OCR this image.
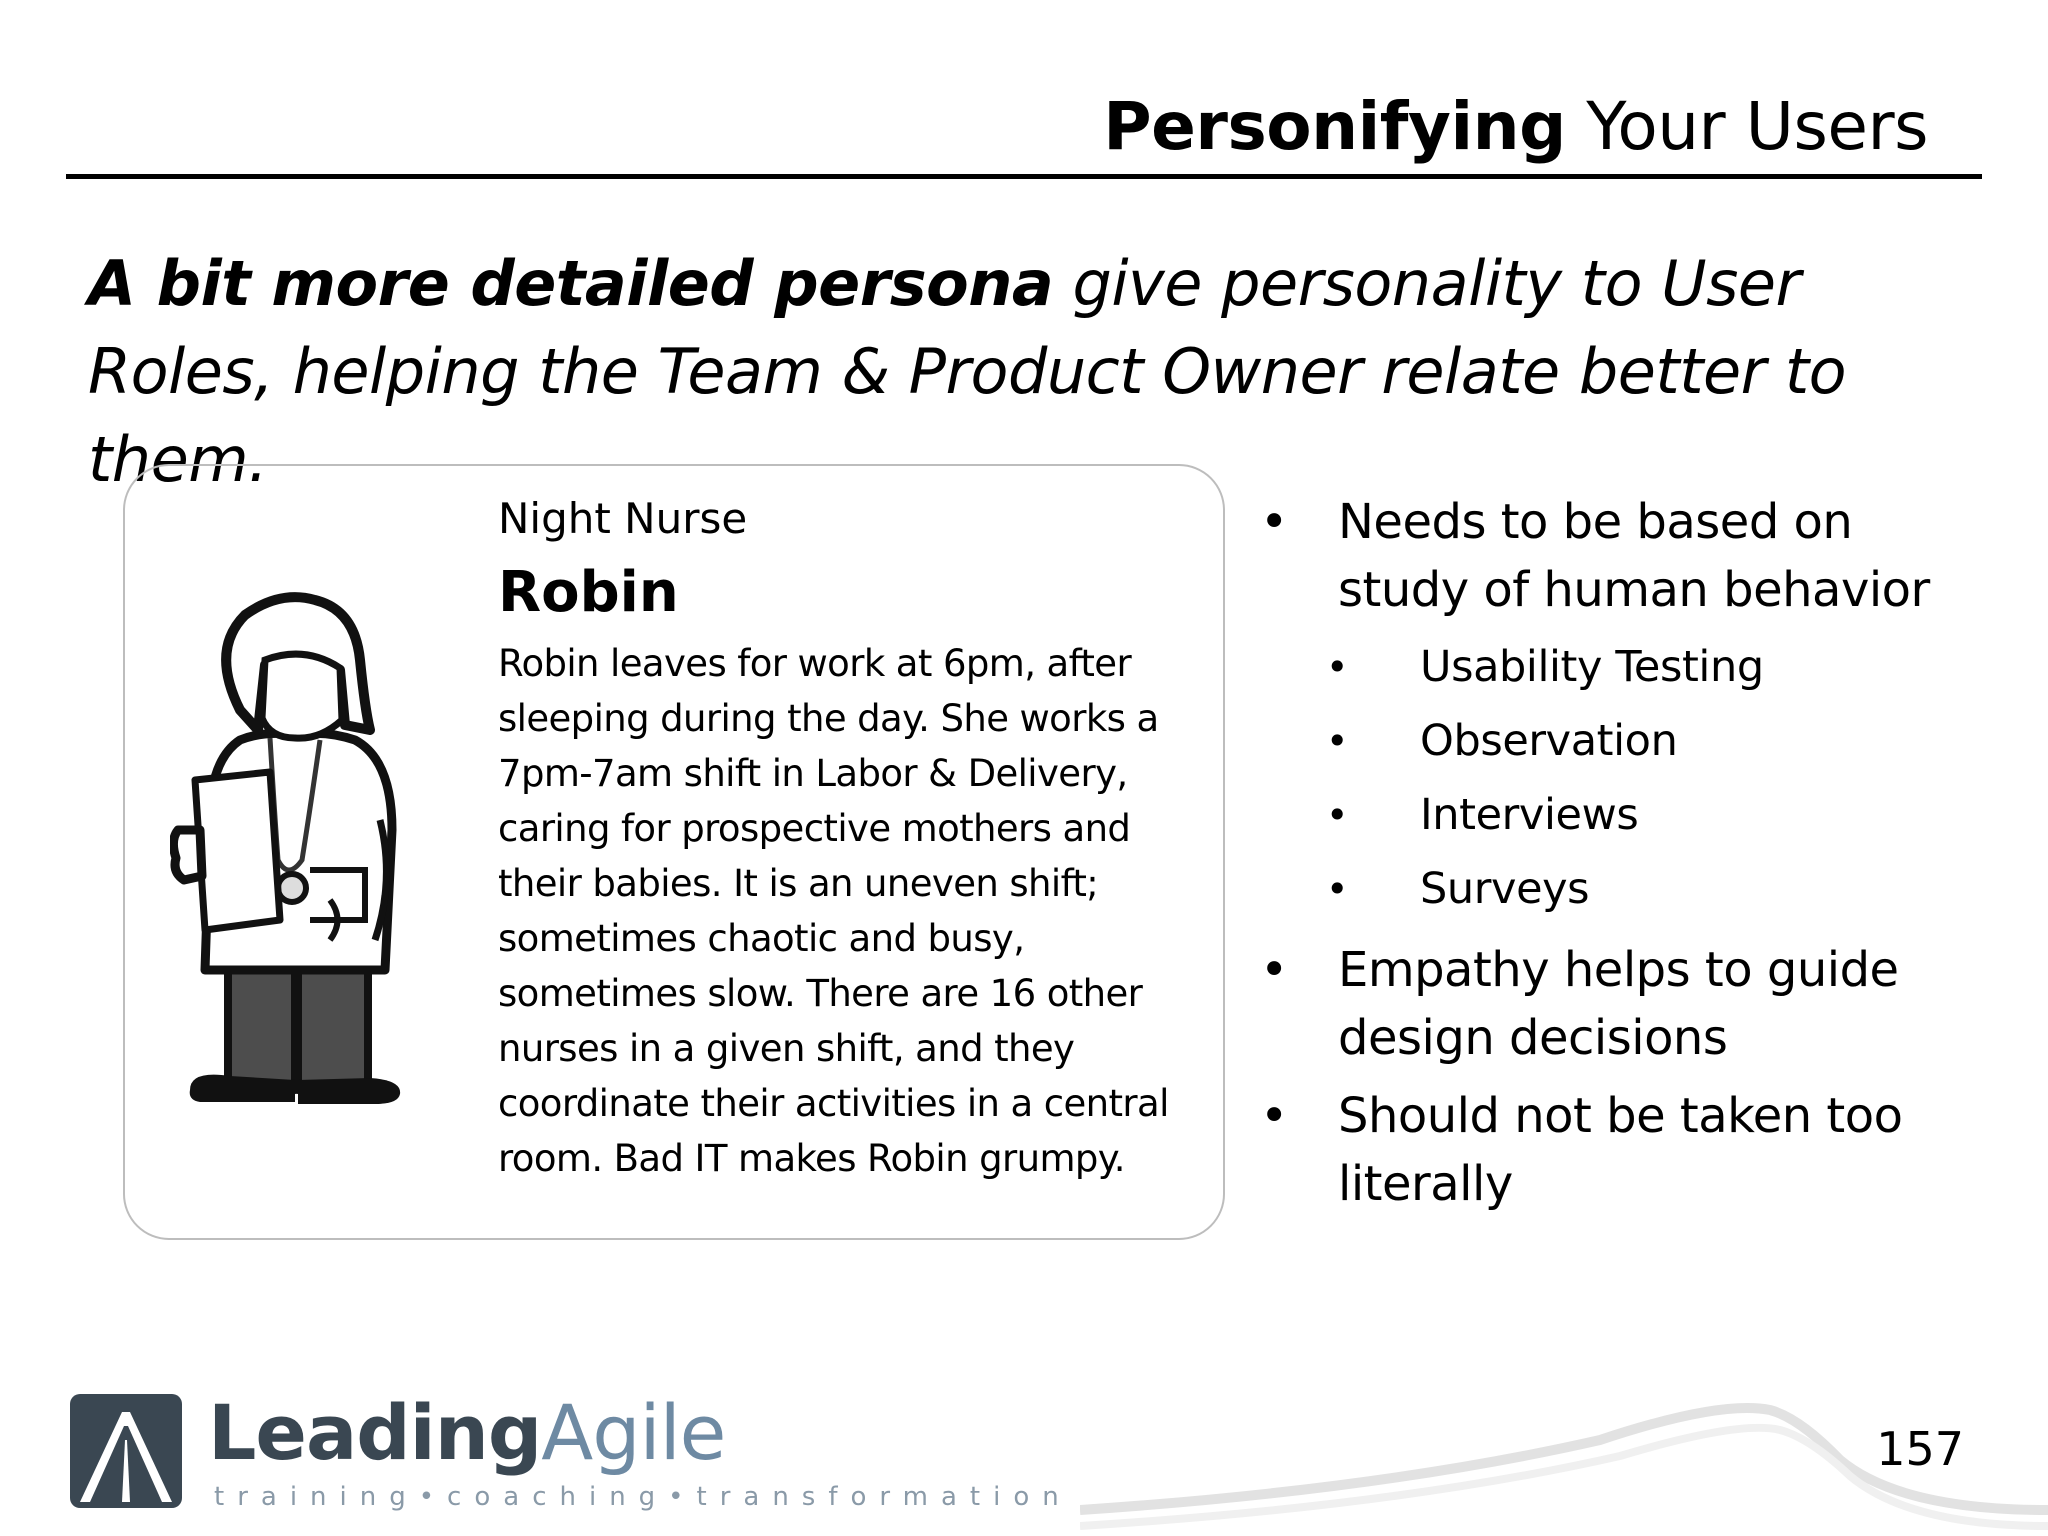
Personifying Your Users
A bit more detailed persona give personality to User Roles, helping the Team & Product Owner relate better to them.
Night Nurse
Robin
Robin leaves for work at 6pm, after sleeping during the day. She works a 7pm-7am shift in Labor & Delivery, caring for prospective mothers and their babies. It is an uneven shift; sometimes chaotic and busy, sometimes slow. There are 16 other nurses in a given shift, and they coordinate their activities in a central room. Bad IT makes Robin grumpy.
• Needs to be based on study of human behavior
• Usability Testing
• Observation
• Interviews
• Surveys
• Empathy helps to guide design decisions
• Should not be taken too literally
LeadingAgile
training•coaching•transformation
157
